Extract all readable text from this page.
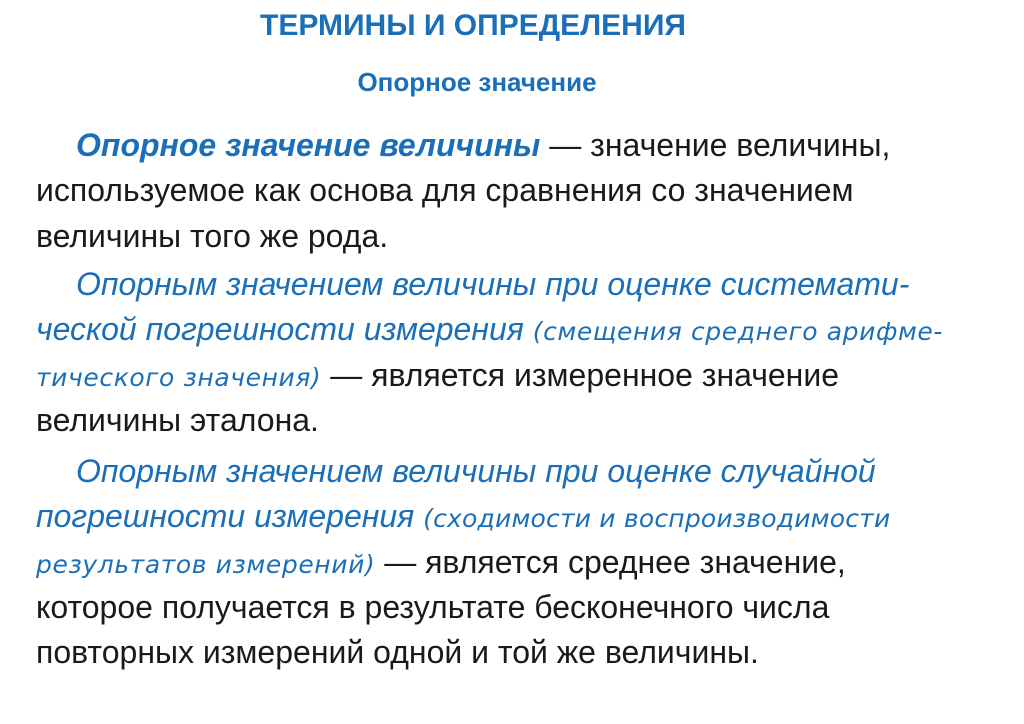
ТЕРМИНЫ И ОПРЕДЕЛЕНИЯ
Опорное значение
Опорное значение величины — значение величины,
используемое как основа для сравнения со значением
величины того же рода.
Опорным значением величины при оценке системати-
ческой погрешности измерения (смещения среднего арифме-
тического значения) — является измеренное значение
величины эталона.
Опорным значением величины при оценке случайной
погрешности измерения (сходимости и воспроизводимости
результатов измерений) — является среднее значение,
которое получается в результате бесконечного числа
повторных измерений одной и той же величины.
